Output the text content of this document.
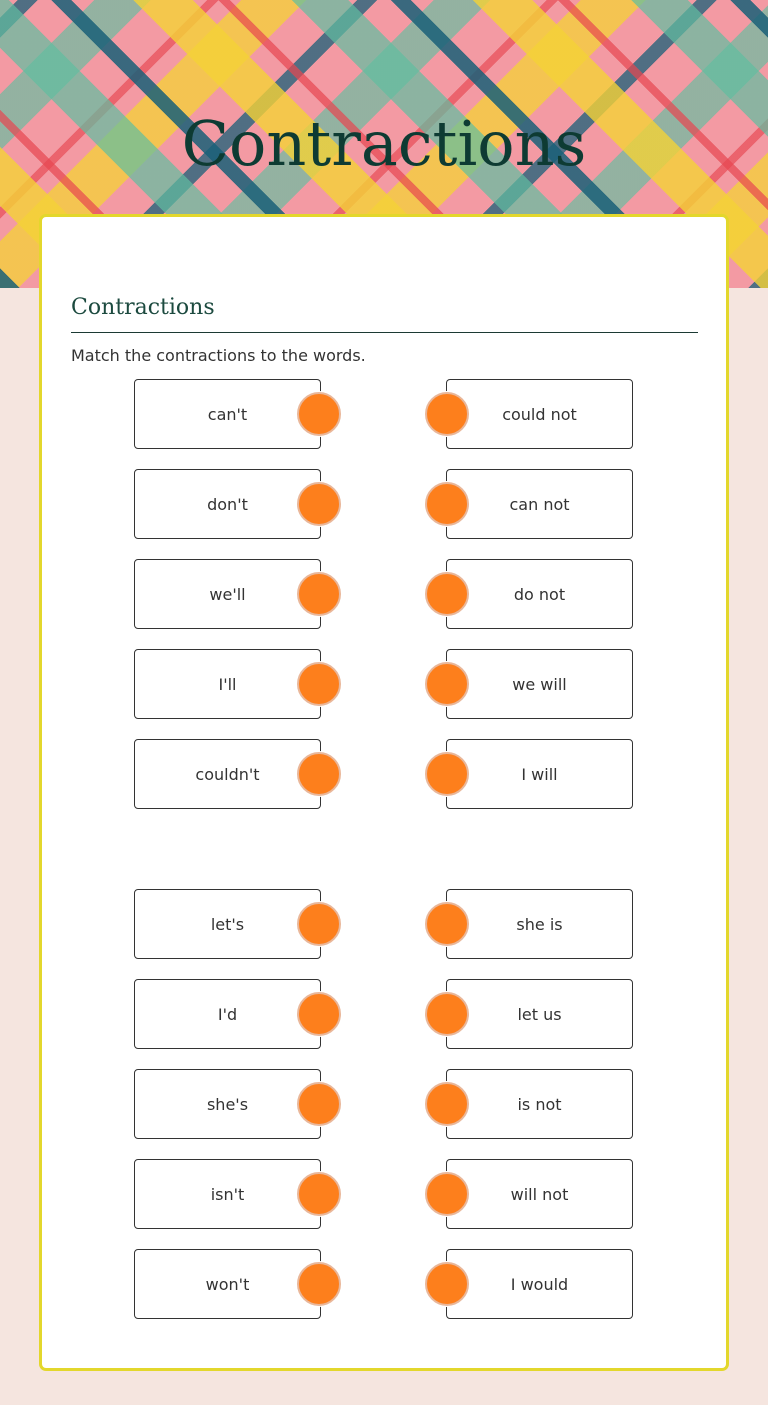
Contractions
Contractions
Match the contractions to the words.
can't	could not
don't	can not
we'll	do not
I'll	we will
couldn't	I will
let's	she is
I'd	let us
she's	is not
isn't	will not
won't	I would
